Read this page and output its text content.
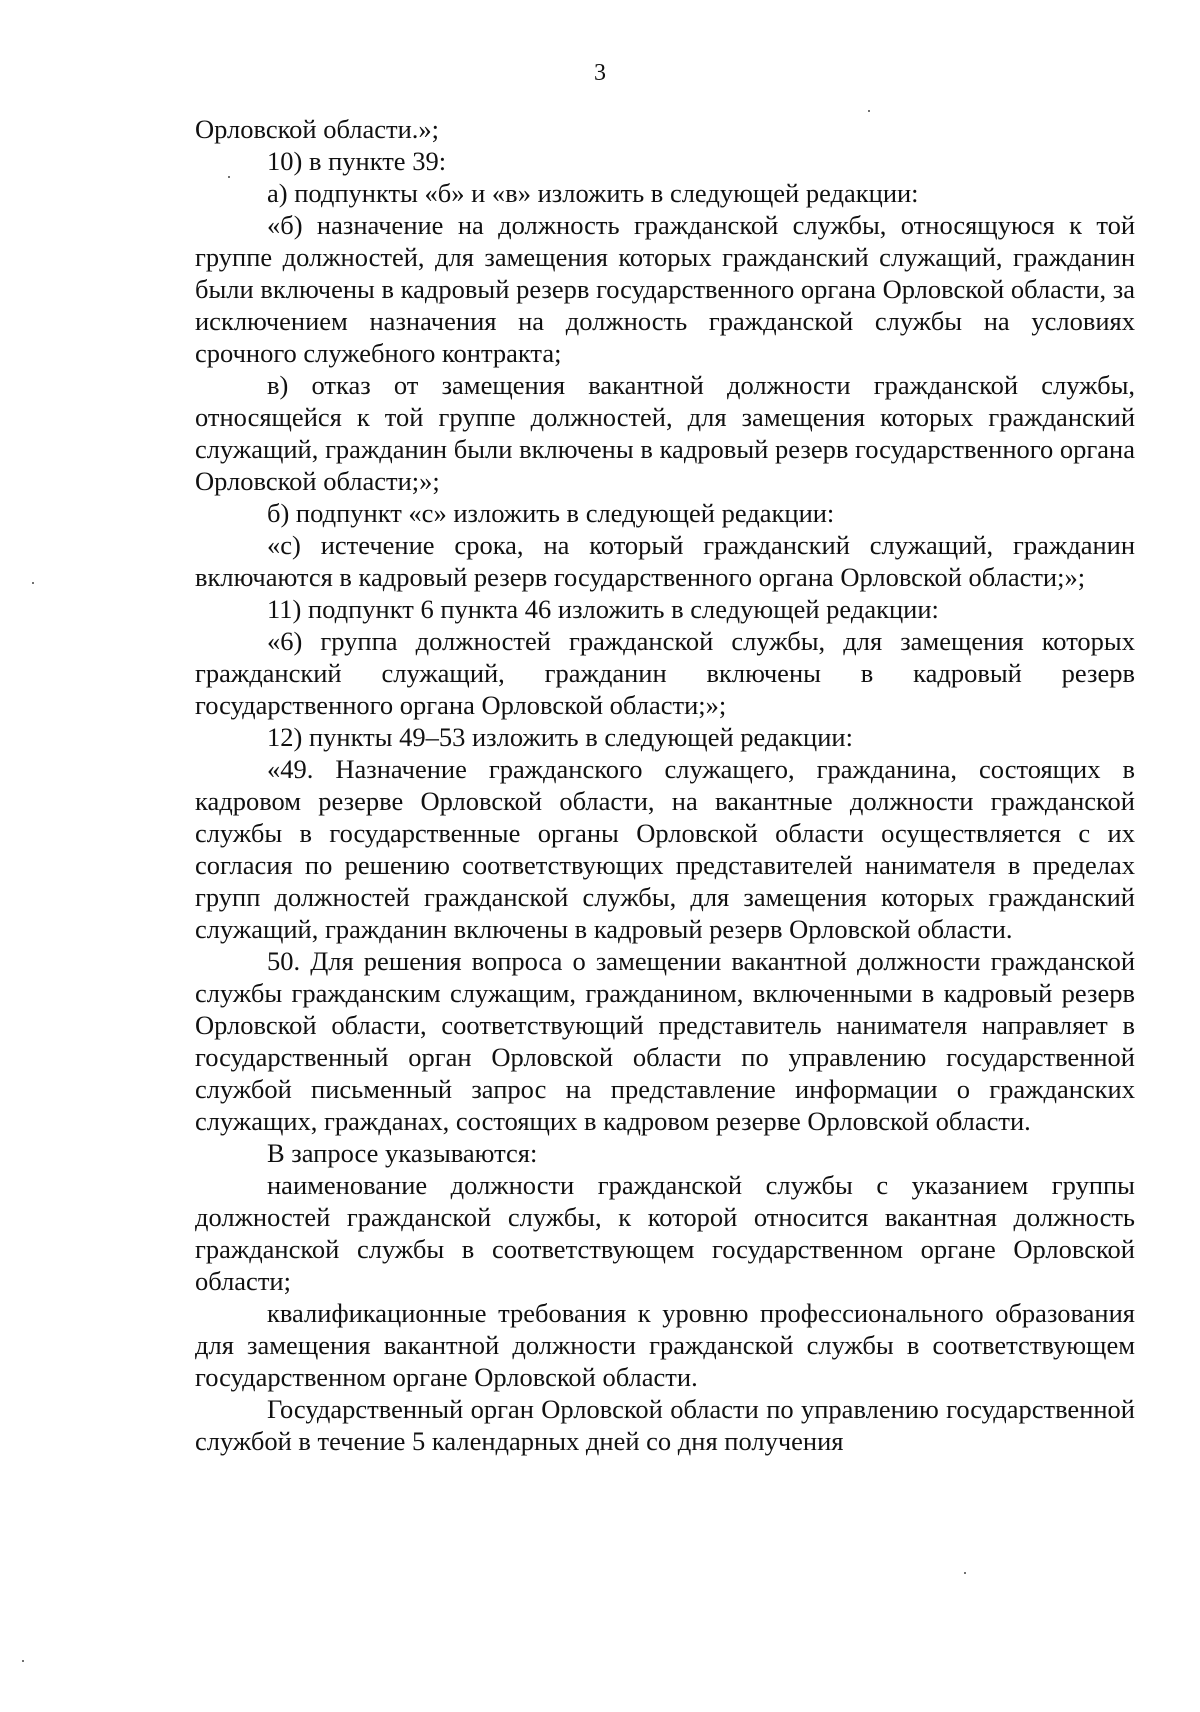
3

Орловской области.»;

10) в пункте 39:

а) подпункты «б» и «в» изложить в следующей редакции:

«б) назначение на должность гражданской службы, относящуюся к той группе должностей, для замещения которых гражданский служащий, гражданин были включены в кадровый резерв государственного органа Орловской области, за исключением назначения на должность гражданской службы на условиях срочного служебного контракта;

в) отказ от замещения вакантной должности гражданской службы, относящейся к той группе должностей, для замещения которых гражданский служащий, гражданин были включены в кадровый резерв государственного органа Орловской области;»;

б) подпункт «с» изложить в следующей редакции:

«с) истечение срока, на который гражданский служащий, гражданин включаются в кадровый резерв государственного органа Орловской области;»;

11) подпункт 6 пункта 46 изложить в следующей редакции:

«6) группа должностей гражданской службы, для замещения которых гражданский служащий, гражданин включены в кадровый резерв государственного органа Орловской области;»;

12) пункты 49–53 изложить в следующей редакции:

«49. Назначение гражданского служащего, гражданина, состоящих в кадровом резерве Орловской области, на вакантные должности гражданской службы в государственные органы Орловской области осуществляется с их согласия по решению соответствующих представителей нанимателя в пределах групп должностей гражданской службы, для замещения которых гражданский служащий, гражданин включены в кадровый резерв Орловской области.

50. Для решения вопроса о замещении вакантной должности гражданской службы гражданским служащим, гражданином, включенными в кадровый резерв Орловской области, соответствующий представитель нанимателя направляет в государственный орган Орловской области по управлению государственной службой письменный запрос на представление информации о гражданских служащих, гражданах, состоящих в кадровом резерве Орловской области.

В запросе указываются:

наименование должности гражданской службы с указанием группы должностей гражданской службы, к которой относится вакантная должность гражданской службы в соответствующем государственном органе Орловской области;

квалификационные требования к уровню профессионального образования для замещения вакантной должности гражданской службы в соответствующем государственном органе Орловской области.

Государственный орган Орловской области по управлению государственной службой в течение 5 календарных дней со дня получения
